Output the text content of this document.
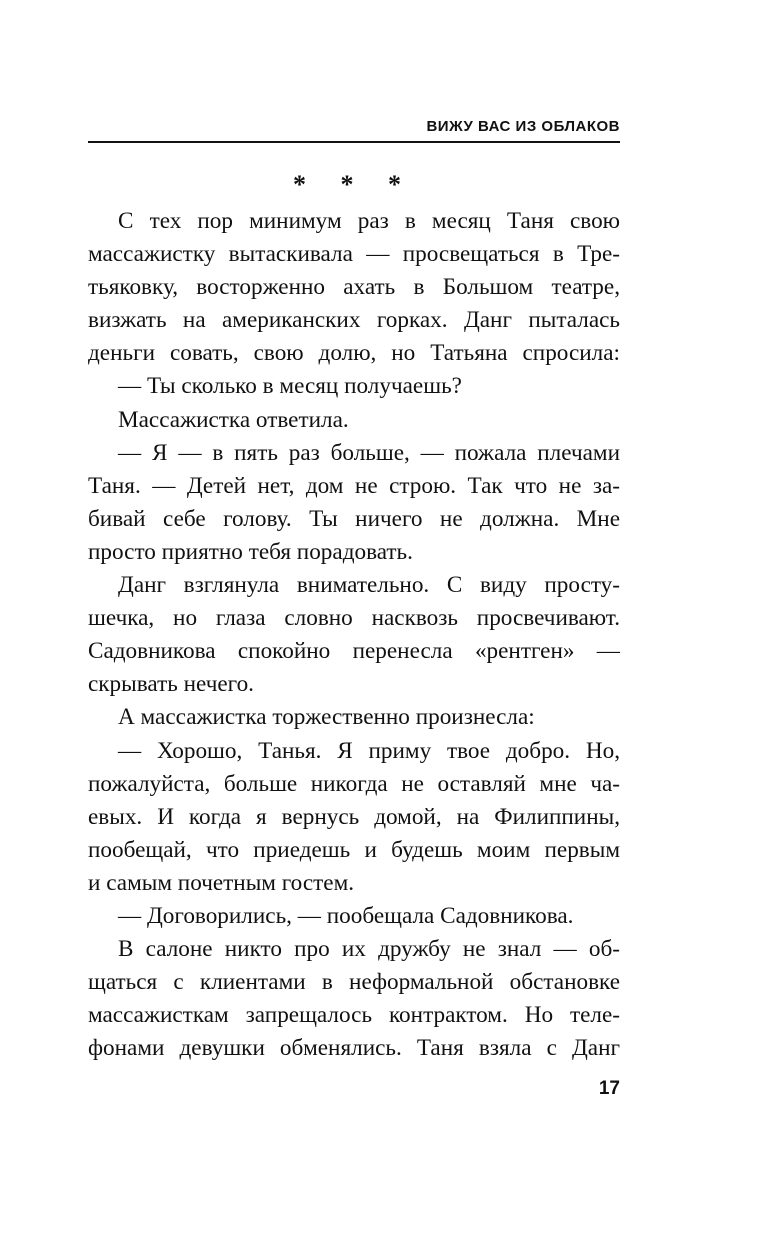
ВИЖУ ВАС ИЗ ОБЛАКОВ
* * *

С тех пор минимум раз в месяц Таня свою

массажистку вытаскивала — просвещаться в Тре-

тьяковку, восторженно ахать в Большом театре,

визжать на американских горках. Данг пыталась

деньги совать, свою долю, но Татьяна спросила:

— Ты сколько в месяц получаешь?

Массажистка ответила.

— Я — в пять раз больше, — пожала плечами

Таня. — Детей нет, дом не строю. Так что не за-

бивай себе голову. Ты ничего не должна. Мне

просто приятно тебя порадовать.

Данг взглянула внимательно. С виду просту-

шечка, но глаза словно насквозь просвечивают.

Садовникова спокойно перенесла «рентген» —

скрывать нечего.

А массажистка торжественно произнесла:

— Хорошо, Танья. Я приму твое добро. Но,

пожалуйста, больше никогда не оставляй мне ча-

евых. И когда я вернусь домой, на Филиппины,

пообещай, что приедешь и будешь моим первым

и самым почетным гостем.

— Договорились, — пообещала Садовникова.

В салоне никто про их дружбу не знал — об-

щаться с клиентами в неформальной обстановке

массажисткам запрещалось контрактом. Но теле-

фонами девушки обменялись. Таня взяла с Данг

17
